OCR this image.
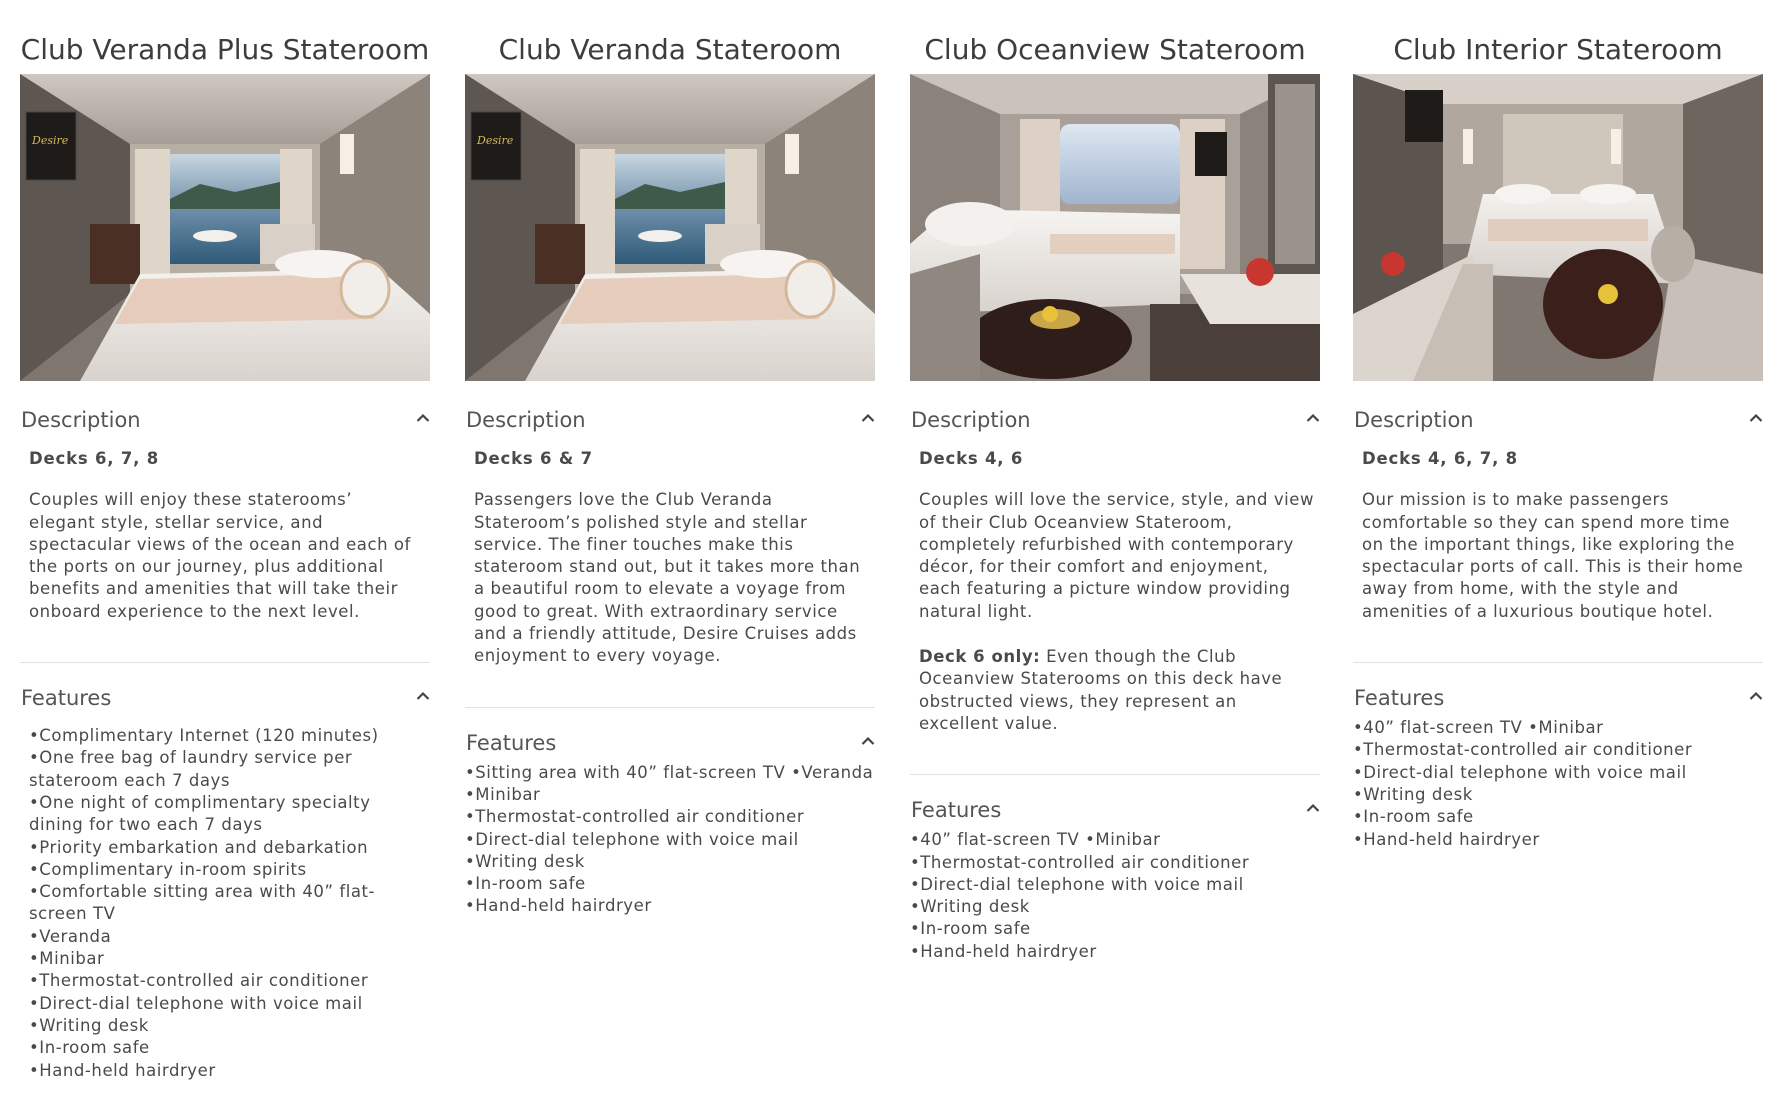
Club Veranda Plus Stateroom
Desire
Description
Decks 6, 7, 8

Couples will enjoy these staterooms’ elegant style, stellar service, and spectacular views of the ocean and each of the ports on our journey, plus additional benefits and amenities that will take their onboard experience to the next level.

Features
•Complimentary Internet (120 minutes)
•One free bag of laundry service per stateroom each 7 days
•One night of complimentary specialty dining for two each 7 days
•Priority embarkation and debarkation
•Complimentary in-room spirits
•Comfortable sitting area with 40” flat-screen TV
•Veranda
•Minibar
•Thermostat-controlled air conditioner
•Direct-dial telephone with voice mail
•Writing desk
•In-room safe
•Hand-held hairdryer
Club Veranda Stateroom
Desire
Description
Decks 6 & 7

Passengers love the Club Veranda Stateroom’s polished style and stellar service. The finer touches make this stateroom stand out, but it takes more than a beautiful room to elevate a voyage from good to great. With extraordinary service and a friendly attitude, Desire Cruises adds enjoyment to every voyage.

Features
•Sitting area with 40” flat-screen TV •Veranda
•Minibar
•Thermostat-controlled air conditioner
•Direct-dial telephone with voice mail
•Writing desk
•In-room safe
•Hand-held hairdryer
Club Oceanview Stateroom
Description
Decks 4, 6

Couples will love the service, style, and view of their Club Oceanview Stateroom, completely refurbished with contemporary décor, for their comfort and enjoyment, each featuring a picture window providing natural light.

Deck 6 only: Even though the Club Oceanview Staterooms on this deck have obstructed views, they represent an excellent value.

Features
•40” flat-screen TV •Minibar
•Thermostat-controlled air conditioner
•Direct-dial telephone with voice mail
•Writing desk
•In-room safe
•Hand-held hairdryer
Club Interior Stateroom
Description
Decks 4, 6, 7, 8

Our mission is to make passengers comfortable so they can spend more time on the important things, like exploring the spectacular ports of call. This is their home away from home, with the style and amenities of a luxurious boutique hotel.

Features
•40” flat-screen TV •Minibar
•Thermostat-controlled air conditioner
•Direct-dial telephone with voice mail
•Writing desk
•In-room safe
•Hand-held hairdryer
